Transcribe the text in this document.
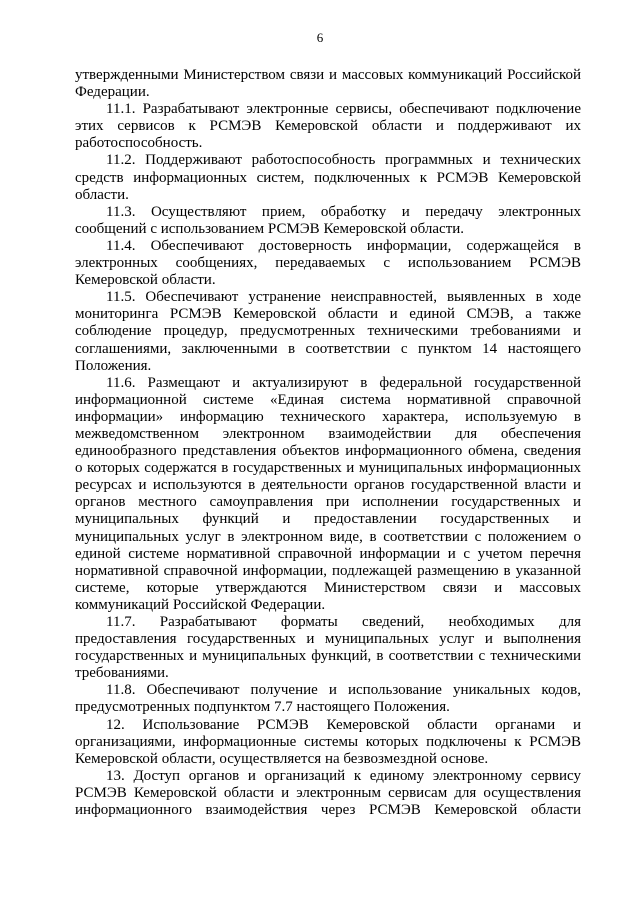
6

утвержденными Министерством связи и массовых коммуникаций Российской Федерации.

11.1. Разрабатывают электронные сервисы, обеспечивают подключение этих сервисов к РСМЭВ Кемеровской области и поддерживают их работоспособность.

11.2. Поддерживают работоспособность программных и технических средств информационных систем, подключенных к РСМЭВ Кемеровской области.

11.3. Осуществляют прием, обработку и передачу электронных сообщений с использованием РСМЭВ Кемеровской области.

11.4. Обеспечивают достоверность информации, содержащейся в электронных сообщениях, передаваемых с использованием РСМЭВ Кемеровской области.

11.5. Обеспечивают устранение неисправностей, выявленных в ходе мониторинга РСМЭВ Кемеровской области и единой СМЭВ, а также соблюдение процедур, предусмотренных техническими требованиями и соглашениями, заключенными в соответствии с пунктом 14 настоящего Положения.

11.6. Размещают и актуализируют в федеральной государственной информационной системе «Единая система нормативной справочной информации» информацию технического характера, используемую в межведомственном электронном взаимодействии для обеспечения единообразного представления объектов информационного обмена, сведения о которых содержатся в государственных и муниципальных информационных ресурсах и используются в деятельности органов государственной власти и органов местного самоуправления при исполнении государственных и муниципальных функций и предоставлении государственных и муниципальных услуг в электронном виде, в соответствии с положением о единой системе нормативной справочной информации и с учетом перечня нормативной справочной информации, подлежащей размещению в указанной системе, которые утверждаются Министерством связи и массовых коммуникаций Российской Федерации.

11.7. Разрабатывают форматы сведений, необходимых для предоставления государственных и муниципальных услуг и выполнения государственных и муниципальных функций, в соответствии с техническими требованиями.

11.8. Обеспечивают получение и использование уникальных кодов, предусмотренных подпунктом 7.7 настоящего Положения.

12. Использование РСМЭВ Кемеровской области органами и организациями, информационные системы которых подключены к РСМЭВ Кемеровской области, осуществляется на безвозмездной основе.

13. Доступ органов и организаций к единому электронному сервису РСМЭВ Кемеровской области и электронным сервисам для осуществления информационного взаимодействия через РСМЭВ Кемеровской области
